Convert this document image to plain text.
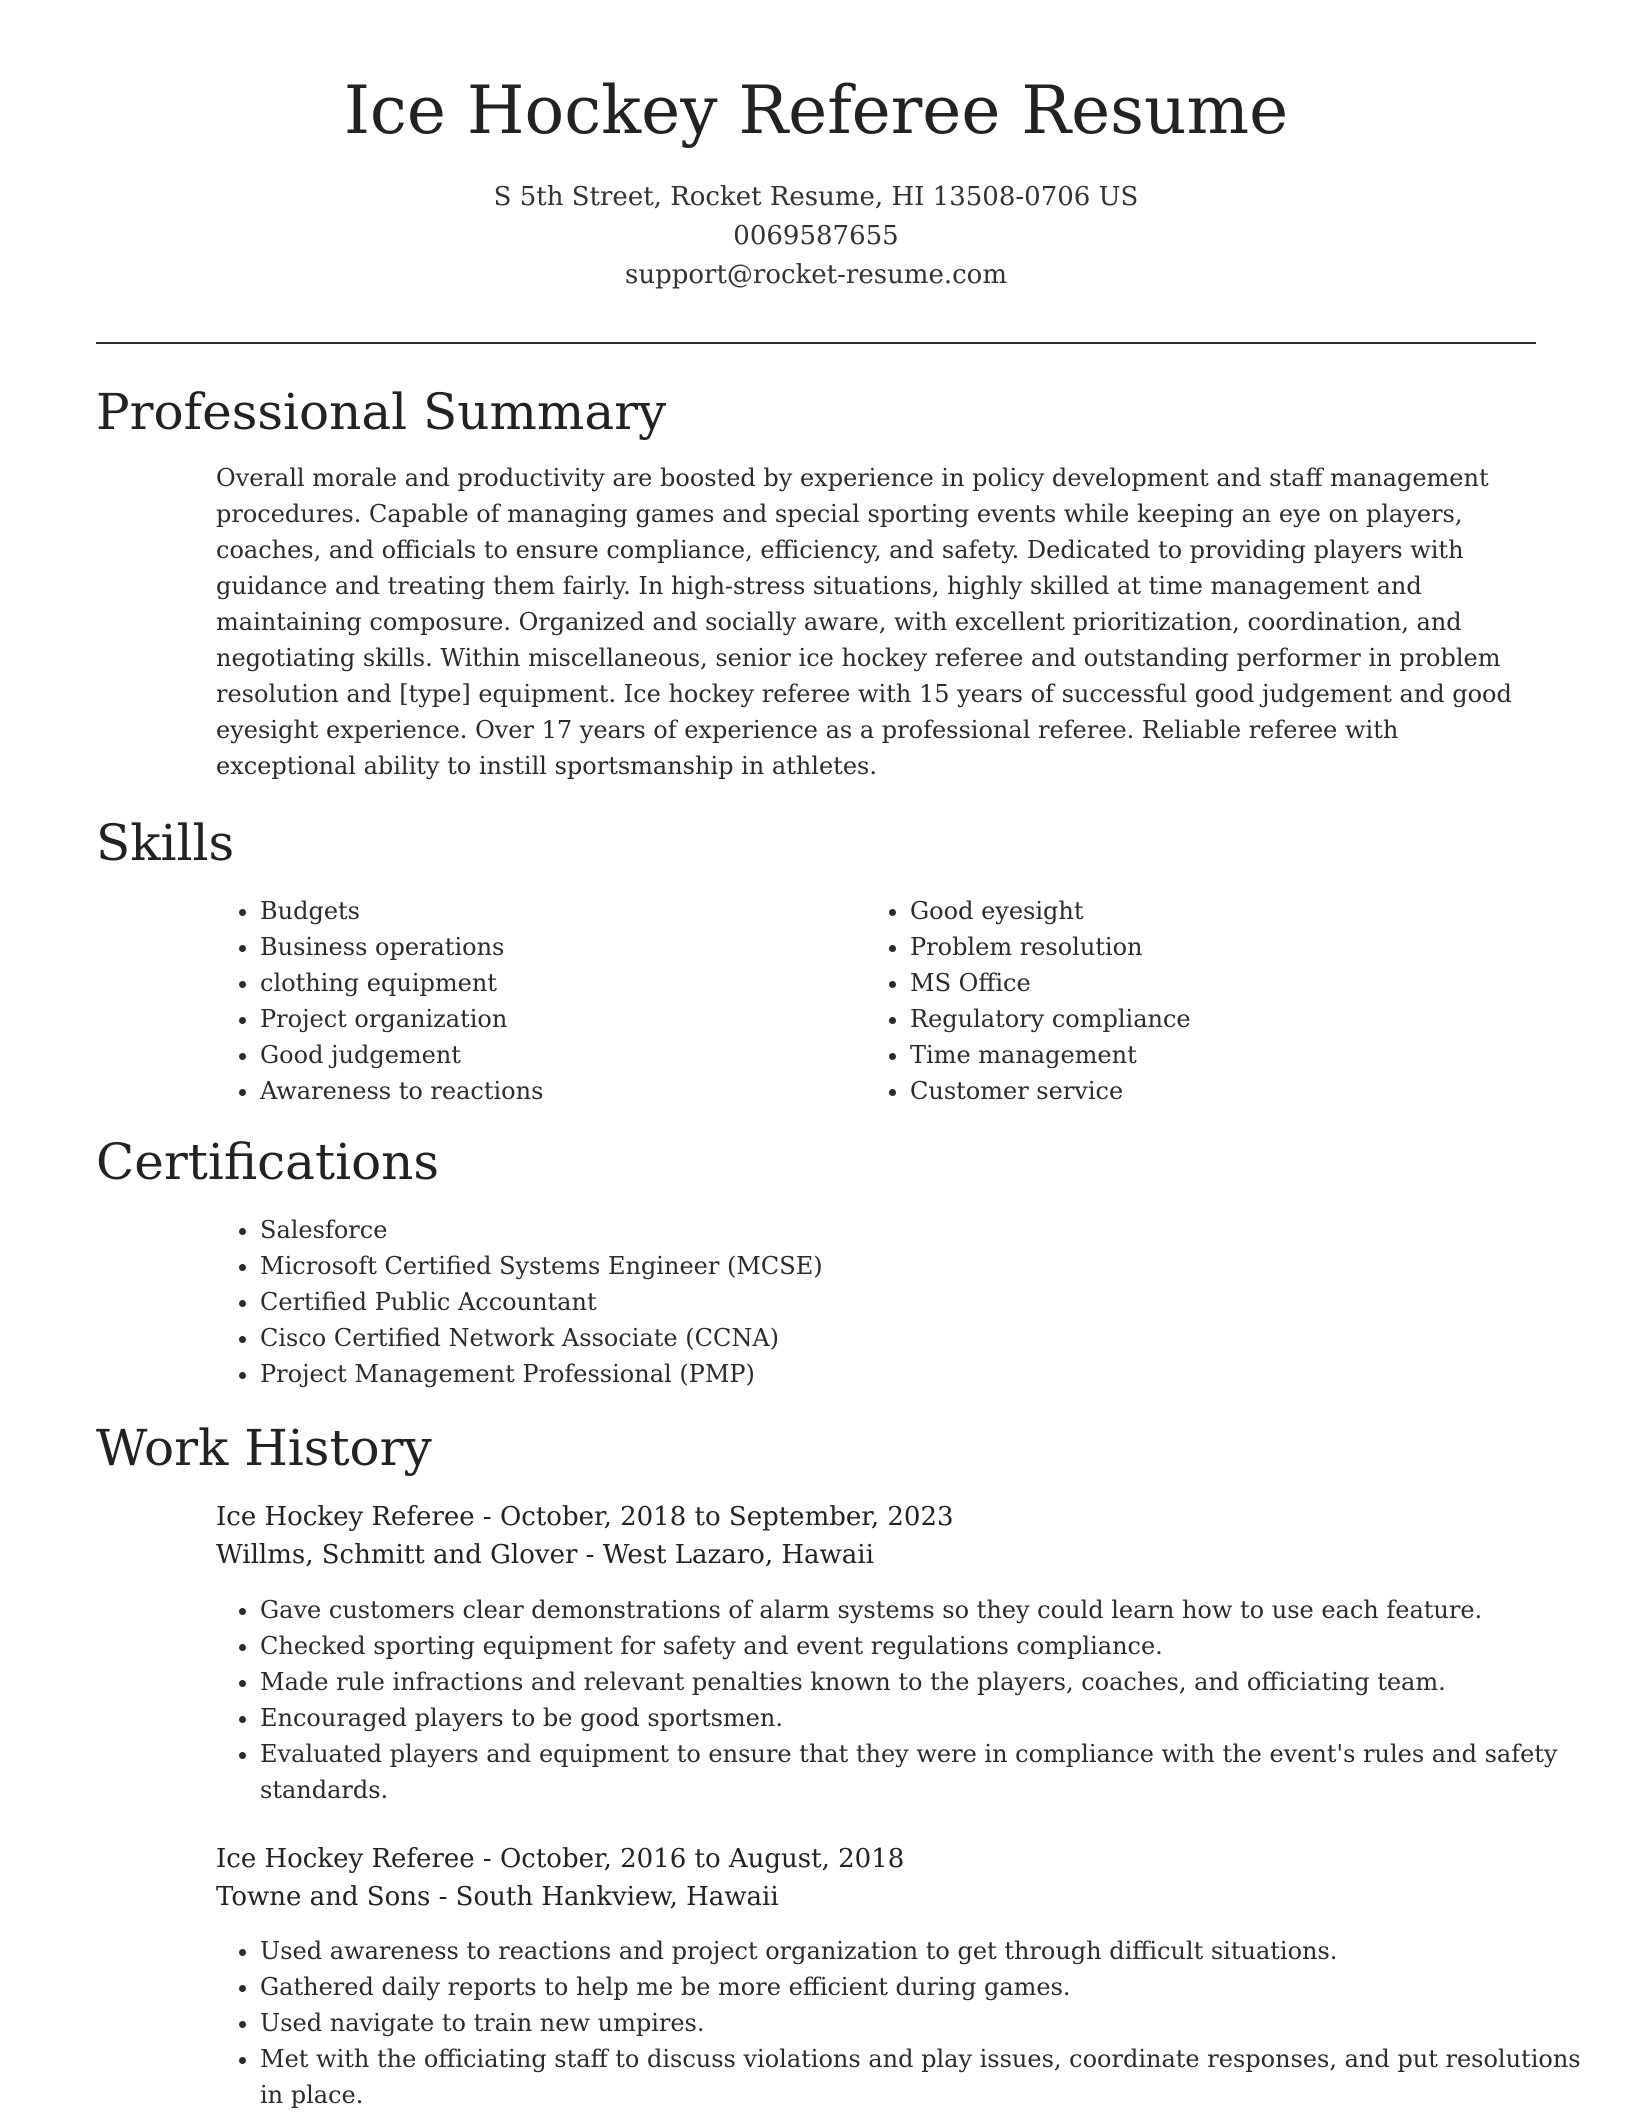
Ice Hockey Referee Resume
S 5th Street, Rocket Resume, HI 13508-0706 US
0069587655
support@rocket-resume.com
Professional Summary

Overall morale and productivity are boosted by experience in policy development and staff management procedures. Capable of managing games and special sporting events while keeping an eye on players, coaches, and officials to ensure compliance, efficiency, and safety. Dedicated to providing players with guidance and treating them fairly. In high-stress situations, highly skilled at time management and maintaining composure. Organized and socially aware, with excellent prioritization, coordination, and negotiating skills. Within miscellaneous, senior ice hockey referee and outstanding performer in problem resolution and [type] equipment. Ice hockey referee with 15 years of successful good judgement and good eyesight experience. Over 17 years of experience as a professional referee. Reliable referee with exceptional ability to instill sportsmanship in athletes.

Skills
• Budgets
• Business operations
• clothing equipment
• Project organization
• Good judgement
• Awareness to reactions
• Good eyesight
• Problem resolution
• MS Office
• Regulatory compliance
• Time management
• Customer service
Certifications
• Salesforce
• Microsoft Certified Systems Engineer (MCSE)
• Certified Public Accountant
• Cisco Certified Network Associate (CCNA)
• Project Management Professional (PMP)
Work History
Ice Hockey Referee - October, 2018 to September, 2023
Willms, Schmitt and Glover - West Lazaro, Hawaii
• Gave customers clear demonstrations of alarm systems so they could learn how to use each feature.
• Checked sporting equipment for safety and event regulations compliance.
• Made rule infractions and relevant penalties known to the players, coaches, and officiating team.
• Encouraged players to be good sportsmen.
• Evaluated players and equipment to ensure that they were in compliance with the event's rules and safety standards.
Ice Hockey Referee - October, 2016 to August, 2018
Towne and Sons - South Hankview, Hawaii
• Used awareness to reactions and project organization to get through difficult situations.
• Gathered daily reports to help me be more efficient during games.
• Used navigate to train new umpires.
• Met with the officiating staff to discuss violations and play issues, coordinate responses, and put resolutions in place.
